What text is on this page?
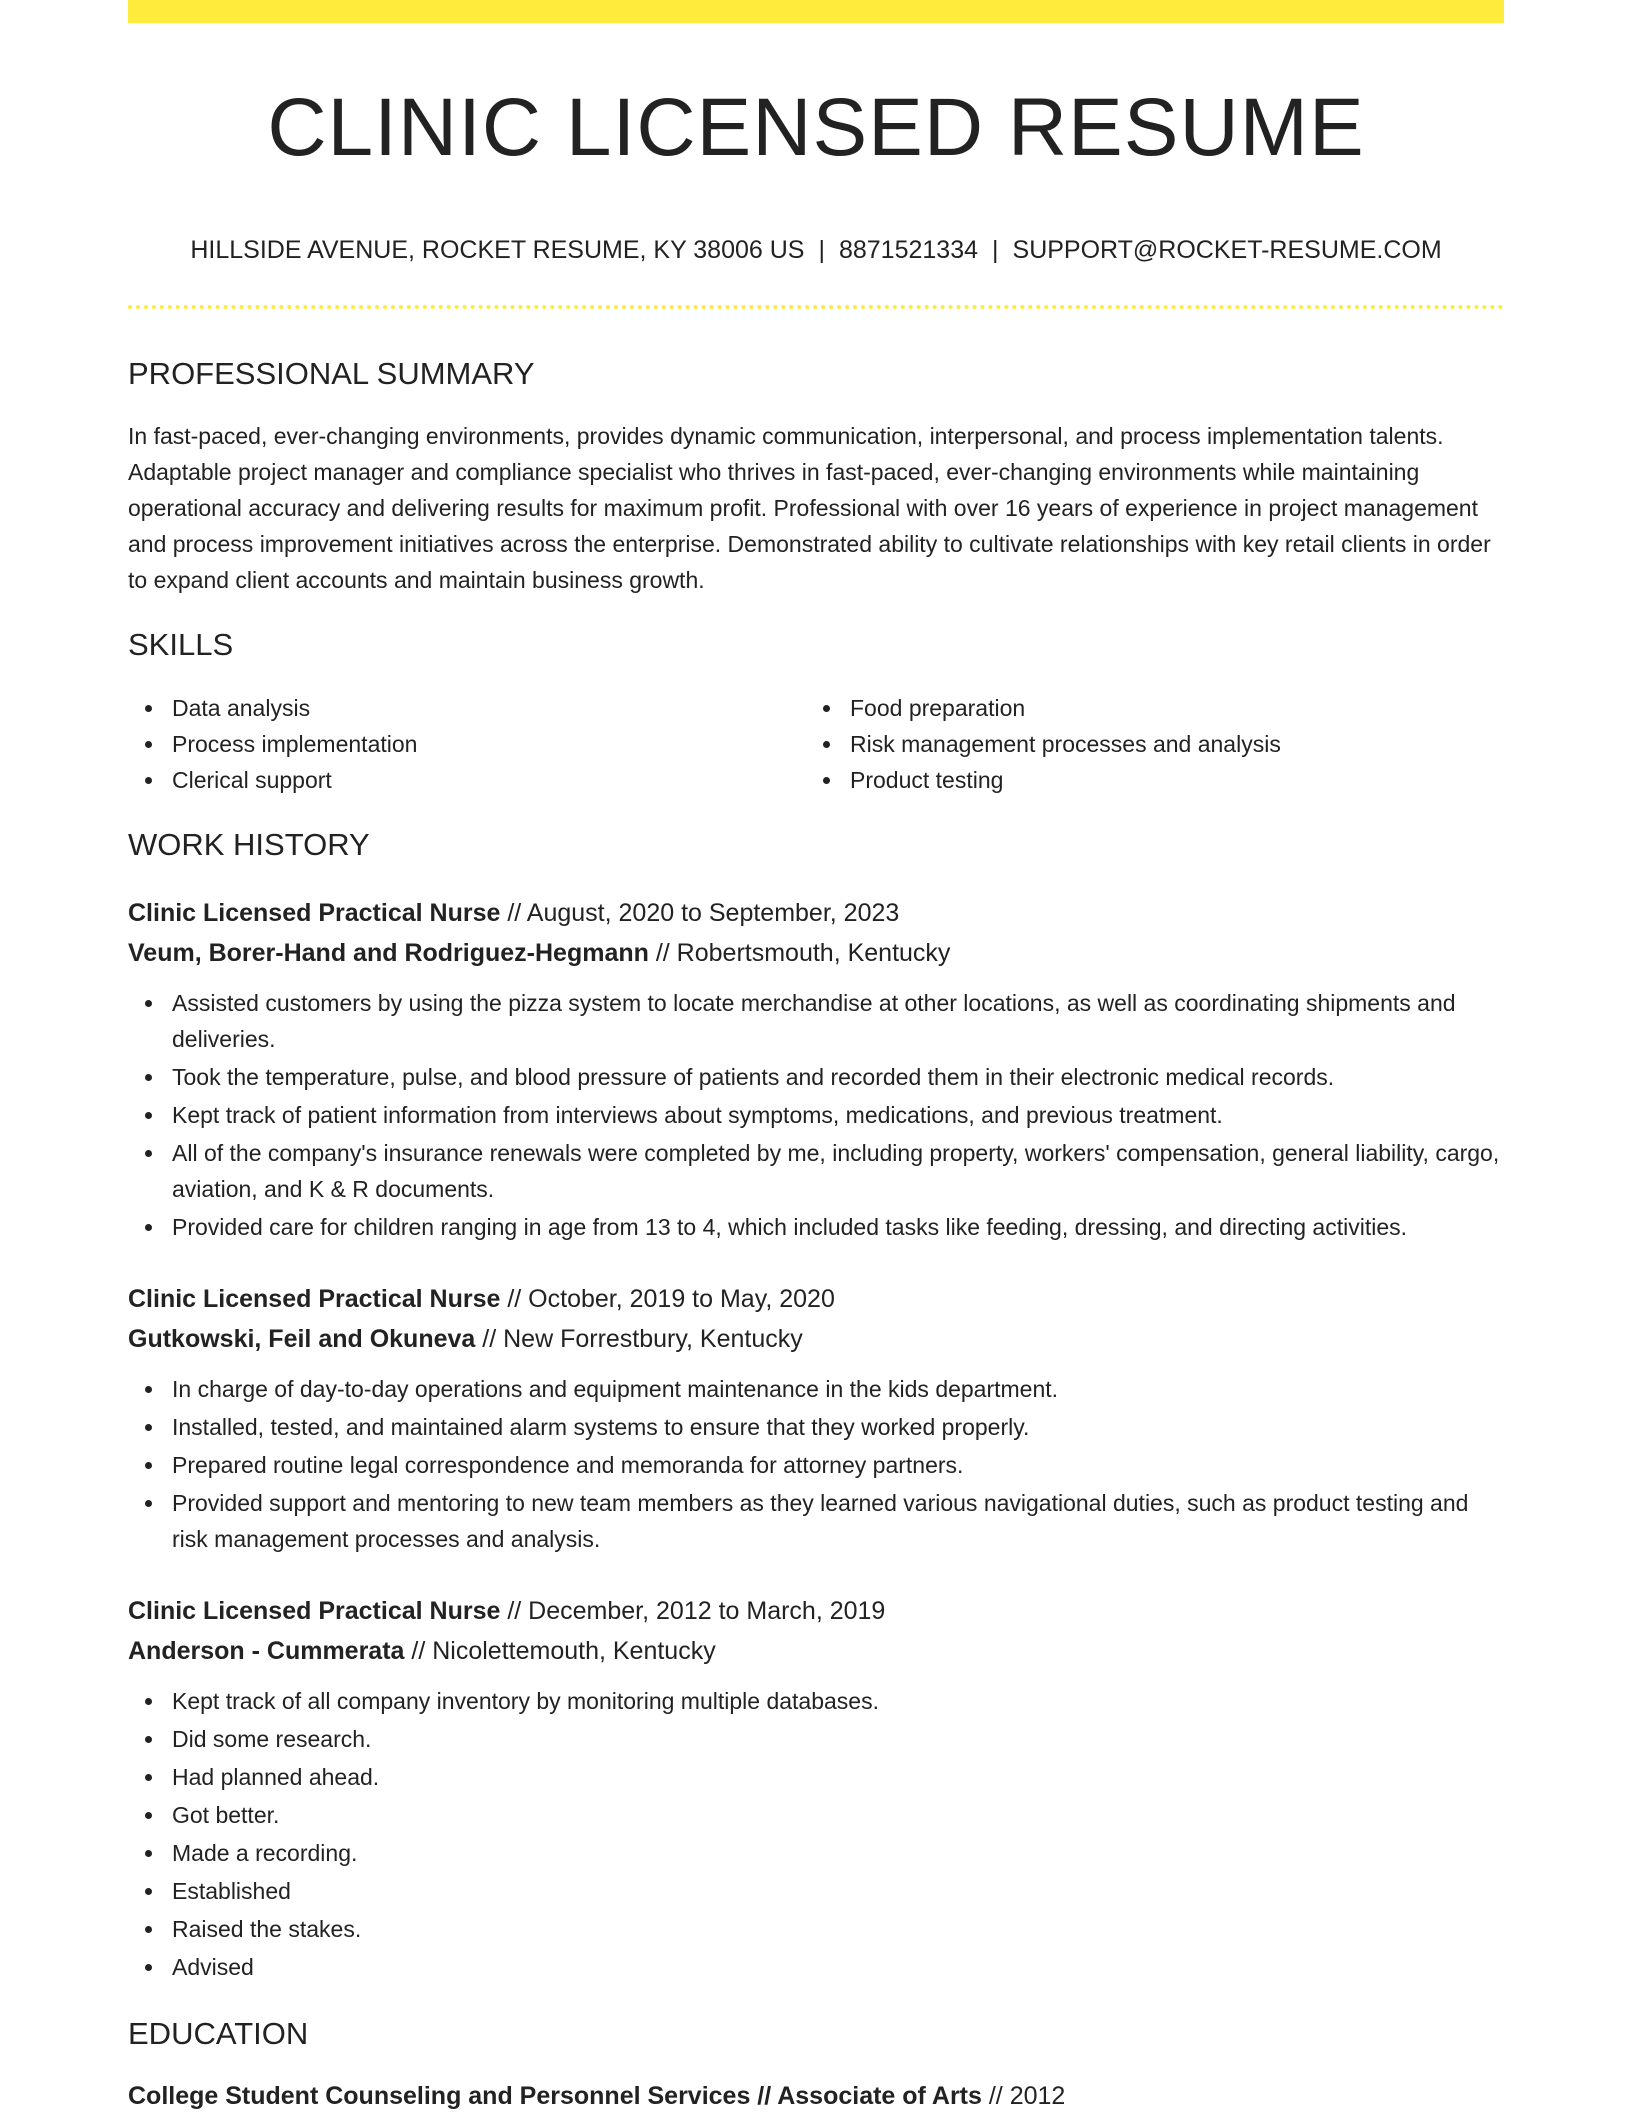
CLINIC LICENSED RESUME
HILLSIDE AVENUE, ROCKET RESUME, KY 38006 US | 8871521334 | SUPPORT@ROCKET-RESUME.COM
PROFESSIONAL SUMMARY

In fast-paced, ever-changing environments, provides dynamic communication, interpersonal, and process implementation talents. Adaptable project manager and compliance specialist who thrives in fast-paced, ever-changing environments while maintaining operational accuracy and delivering results for maximum profit. Professional with over 16 years of experience in project management and process improvement initiatives across the enterprise. Demonstrated ability to cultivate relationships with key retail clients in order to expand client accounts and maintain business growth.

SKILLS
Data analysis
Process implementation
Clerical support
Food preparation
Risk management processes and analysis
Product testing
WORK HISTORY
Clinic Licensed Practical Nurse // August, 2020 to September, 2023
Veum, Borer-Hand and Rodriguez-Hegmann // Robertsmouth, Kentucky
Assisted customers by using the pizza system to locate merchandise at other locations, as well as coordinating shipments and deliveries.
Took the temperature, pulse, and blood pressure of patients and recorded them in their electronic medical records.
Kept track of patient information from interviews about symptoms, medications, and previous treatment.
All of the company's insurance renewals were completed by me, including property, workers' compensation, general liability, cargo, aviation, and K & R documents.
Provided care for children ranging in age from 13 to 4, which included tasks like feeding, dressing, and directing activities.
Clinic Licensed Practical Nurse // October, 2019 to May, 2020
Gutkowski, Feil and Okuneva // New Forrestbury, Kentucky
In charge of day-to-day operations and equipment maintenance in the kids department.
Installed, tested, and maintained alarm systems to ensure that they worked properly.
Prepared routine legal correspondence and memoranda for attorney partners.
Provided support and mentoring to new team members as they learned various navigational duties, such as product testing and risk management processes and analysis.
Clinic Licensed Practical Nurse // December, 2012 to March, 2019
Anderson - Cummerata // Nicolettemouth, Kentucky
Kept track of all company inventory by monitoring multiple databases.
Did some research.
Had planned ahead.
Got better.
Made a recording.
Established
Raised the stakes.
Advised
EDUCATION
College Student Counseling and Personnel Services // Associate of Arts // 2012
